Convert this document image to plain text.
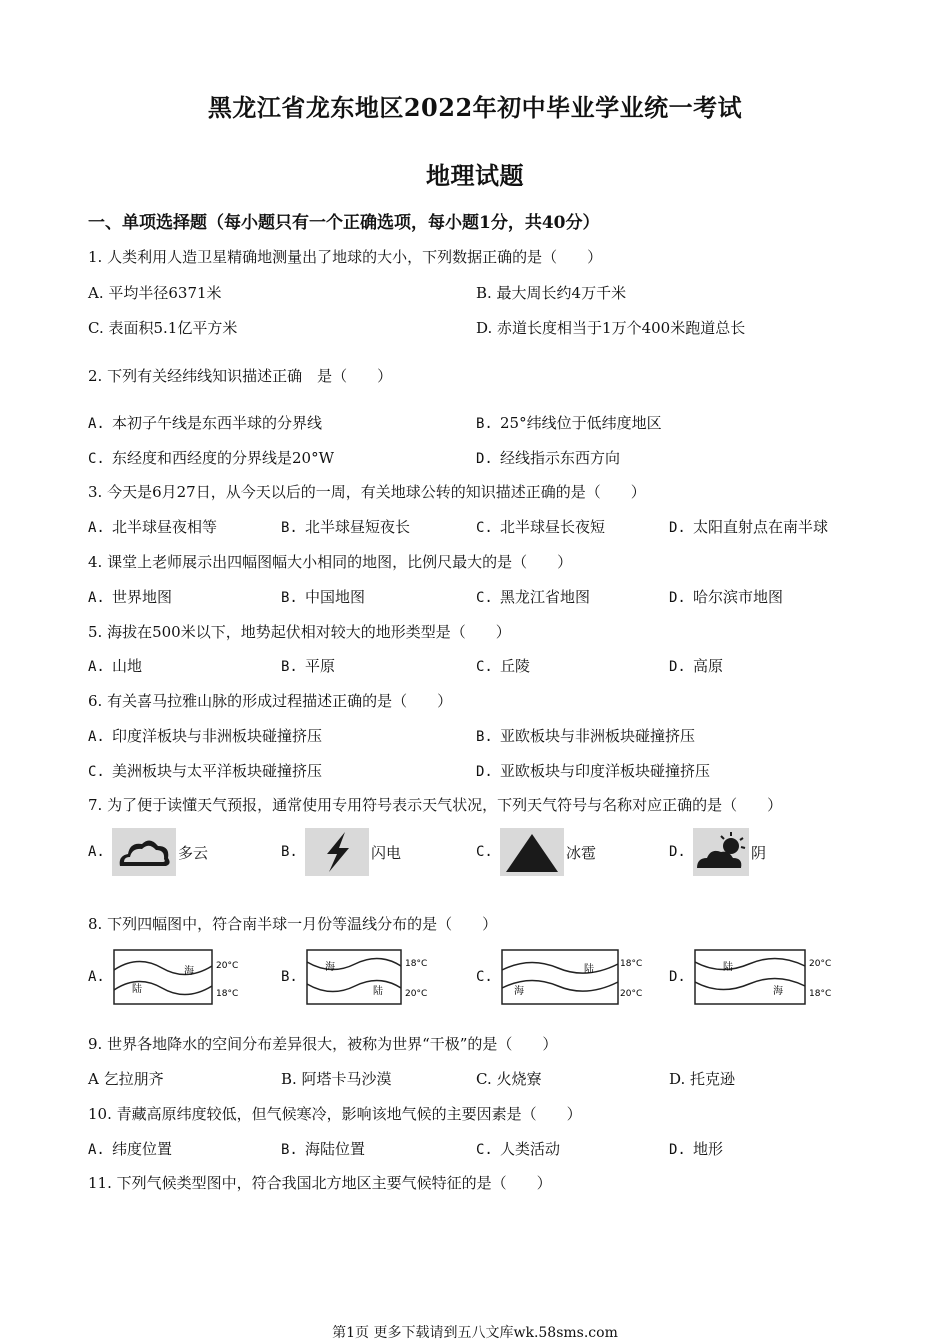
黑龙江省龙东地区2022年初中毕业学业统一考试
地理试题
一、单项选择题（每小题只有一个正确选项，每小题1分，共40分）
1. 人类利用人造卫星精确地测量出了地球的大小，下列数据正确的是（　　）
A. 平均半径6371米	B. 最大周长约4万千米
C. 表面积5.1亿平方米	D. 赤道长度相当于1万个400米跑道总长
2. 下列有关经纬线知识描述正确　是（　　）
A. 本初子午线是东西半球的分界线	B. 25°纬线位于低纬度地区
C. 东经度和西经度的分界线是20°W	D. 经线指示东西方向
3. 今天是6月27日，从今天以后的一周，有关地球公转的知识描述正确的是（　　）
A. 北半球昼夜相等	B. 北半球昼短夜长	C. 北半球昼长夜短	D. 太阳直射点在南半球
4. 课堂上老师展示出四幅图幅大小相同的地图，比例尺最大的是（　　）
A. 世界地图	B. 中国地图	C. 黑龙江省地图	D. 哈尔滨市地图
5. 海拔在500米以下，地势起伏相对较大的地形类型是（　　）
A. 山地	B. 平原	C. 丘陵	D. 高原
6. 有关喜马拉雅山脉的形成过程描述正确的是（　　）
A. 印度洋板块与非洲板块碰撞挤压	B. 亚欧板块与非洲板块碰撞挤压
C. 美洲板块与太平洋板块碰撞挤压	D. 亚欧板块与印度洋板块碰撞挤压
7. 为了便于读懂天气预报，通常使用专用符号表示天气状况，下列天气符号与名称对应正确的是（　　）
A.	多云	B.	闪电	C.	冰雹	D.	阴
8. 下列四幅图中，符合南半球一月份等温线分布的是（　　）
A.	海
陆
20°C
18°C
B.
海
陆
18°C
20°C
C.	陆
海
18°C
20°C
D.
陆
海
20°C
18°C
9. 世界各地降水的空间分布差异很大，被称为世界“干极”的是（　　）
A 乞拉朋齐	B. 阿塔卡马沙漠	C. 火烧寮	D. 托克逊
10. 青藏高原纬度较低，但气候寒冷，影响该地气候的主要因素是（　　）
A. 纬度位置	B. 海陆位置	C. 人类活动	D. 地形
11. 下列气候类型图中，符合我国北方地区主要气候特征的是（　　）
第1页 更多下载请到五八文库wk.58sms.com
